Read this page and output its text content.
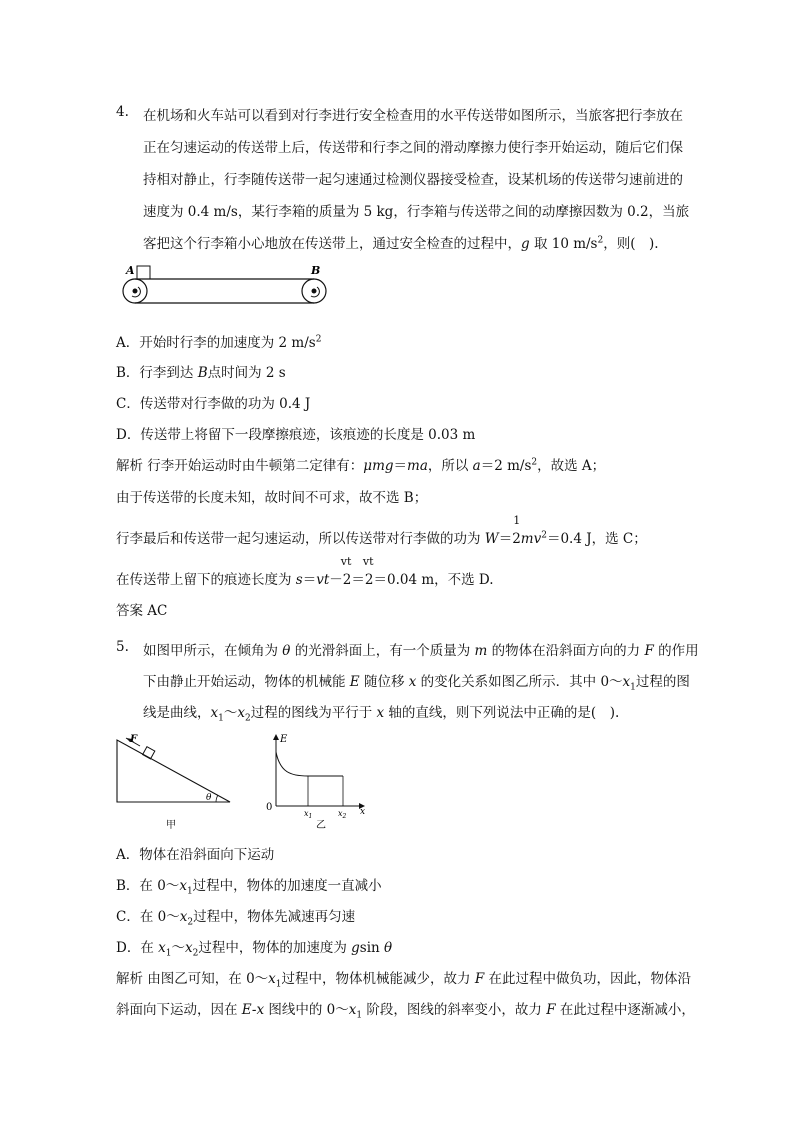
4. 在机场和火车站可以看到对行李进行安全检查用的水平传送带如图所示，当旅客把行李放在
正在匀速运动的传送带上后，传送带和行李之间的滑动摩擦力使行李开始运动，随后它们保
持相对静止，行李随传送带一起匀速通过检测仪器接受检查，设某机场的传送带匀速前进的
速度为 0.4 m/s，某行李箱的质量为 5 kg，行李箱与传送带之间的动摩擦因数为 0.2，当旅
客把这个行李箱小心地放在传送带上，通过安全检查的过程中，g 取 10 $m/s^2$，则(　).
A	B
A．开始时行李的加速度为 2 $m/s^2$
B．行李到达 B点时间为 2 s
C．传送带对行李做的功为 0.4 J
D．传送带上将留下一段摩擦痕迹，该痕迹的长度是 0.03 m
解析 行李开始运动时由牛顿第二定律有：μmg＝ma，所以 a＝2 $m/s^2$，故选 A；
由于传送带的长度未知，故时间不可求，故不选 B；
行李最后和传送带一起匀速运动，所以传送带对行李做的功为 W＝
1
$2mv^2=0.4$ J，选 C；
在传送带上留下的痕迹长度为 s＝vt－
vt
2＝
vt
2＝0.04 m，不选 D.
答案 AC
5. 如图甲所示，在倾角为 θ 的光滑斜面上，有一个质量为 m 的物体在沿斜面方向的力 F 的作用
下由静止开始运动，物体的机械能 E 随位移 x 的变化关系如图乙所示．其中 $0\sim x_1$过程的图
线是曲线，$x_1\sim x_2$过程的图线为平行于 x 轴的直线，则下列说法中正确的是(　).
F
θ
甲
E
0
$x_1$	$x_2$ x
乙
A．物体在沿斜面向下运动
B．在 $0\sim x_1$过程中，物体的加速度一直减小
C．在 $0\sim x_2$过程中，物体先减速再匀速
D．在 $x_1\sim x_2$过程中，物体的加速度为 gsin θ
解析 由图乙可知，在 $0\sim x_1$过程中，物体机械能减少，故力 F 在此过程中做负功，因此，物体沿
斜面向下运动，因在 E-x 图线中的 $0\sim x_1$ 阶段，图线的斜率变小，故力 F 在此过程中逐渐减小，
